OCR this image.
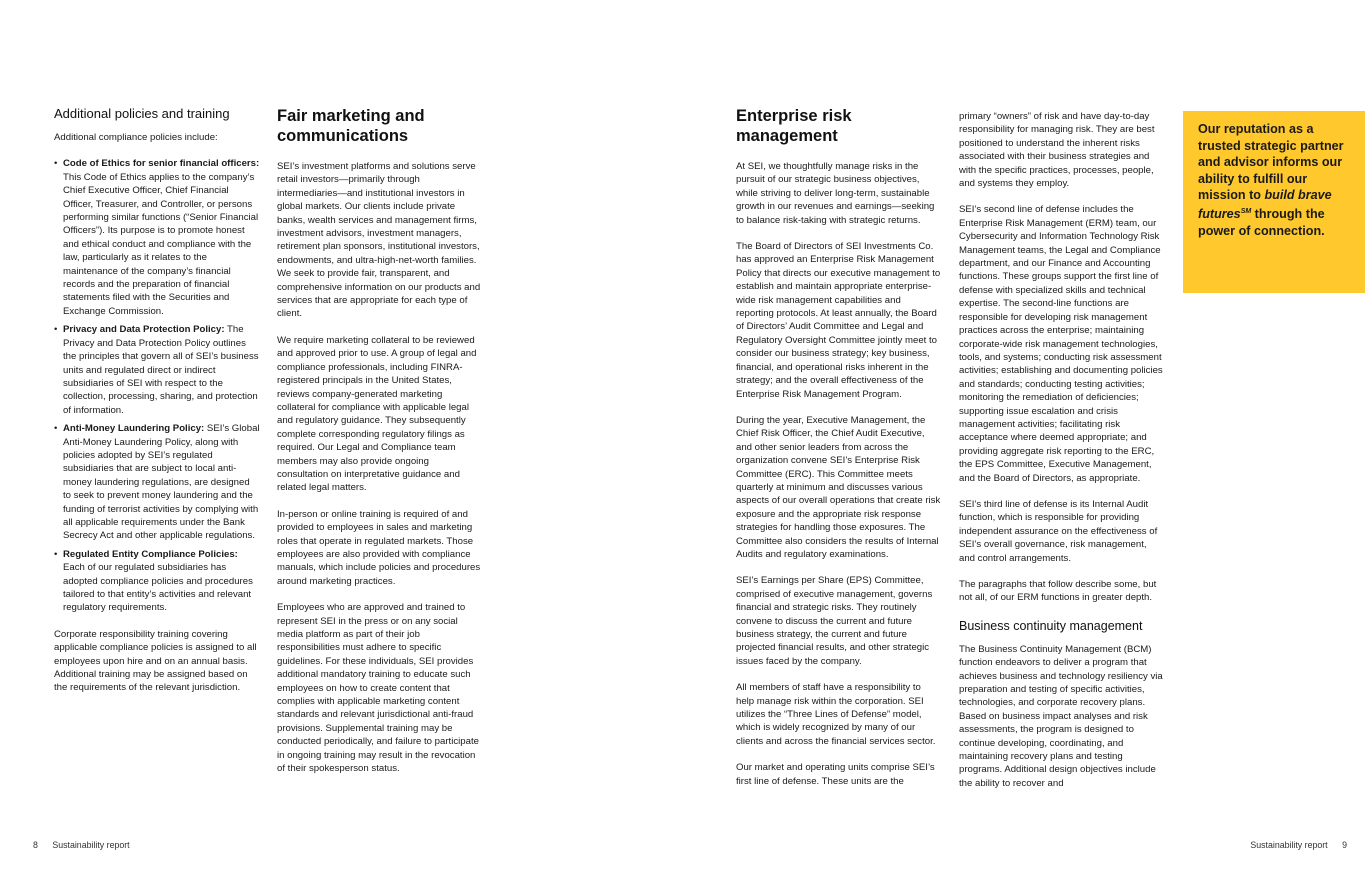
Additional policies and training

Additional compliance policies include:

• Code of Ethics for senior financial officers: This Code of Ethics applies to the company’s Chief Executive Officer, Chief Financial Officer, Treasurer, and Controller, or persons performing similar functions (“Senior Financial Officers”). Its purpose is to promote honest and ethical conduct and compliance with the law, particularly as it relates to the maintenance of the company’s financial records and the preparation of financial statements filed with the Securities and Exchange Commission.
• Privacy and Data Protection Policy: The Privacy and Data Protection Policy outlines the principles that govern all of SEI’s business units and regulated direct or indirect subsidiaries of SEI with respect to the collection, processing, sharing, and protection of information.
• Anti-Money Laundering Policy: SEI’s Global Anti-Money Laundering Policy, along with policies adopted by SEI’s regulated subsidiaries that are subject to local anti-money laundering regulations, are designed to seek to prevent money laundering and the funding of terrorist activities by complying with all applicable requirements under the Bank Secrecy Act and other applicable regulations.
• Regulated Entity Compliance Policies: Each of our regulated subsidiaries has adopted compliance policies and procedures tailored to that entity’s activities and relevant regulatory requirements.

Corporate responsibility training covering applicable compliance policies is assigned to all employees upon hire and on an annual basis. Additional training may be assigned based on the requirements of the relevant jurisdiction.

Fair marketing and communications

SEI’s investment platforms and solutions serve retail investors—primarily through intermediaries—and institutional investors in global markets. Our clients include private banks, wealth services and management firms, investment advisors, investment managers, retirement plan sponsors, institutional investors, endowments, and ultra-high-net-worth families. We seek to provide fair, transparent, and comprehensive information on our products and services that are appropriate for each type of client.

We require marketing collateral to be reviewed and approved prior to use. A group of legal and compliance professionals, including FINRA-registered principals in the United States, reviews company-generated marketing collateral for compliance with applicable legal and regulatory guidance. They subsequently complete corresponding regulatory filings as required. Our Legal and Compliance team members may also provide ongoing consultation on interpretative guidance and related legal matters.

In-person or online training is required of and provided to employees in sales and marketing roles that operate in regulated markets. Those employees are also provided with compliance manuals, which include policies and procedures around marketing practices.

Employees who are approved and trained to represent SEI in the press or on any social media platform as part of their job responsibilities must adhere to specific guidelines. For these individuals, SEI provides additional mandatory training to educate such employees on how to create content that complies with applicable marketing content standards and relevant jurisdictional anti-fraud provisions. Supplemental training may be conducted periodically, and failure to participate in ongoing training may result in the revocation of their spokesperson status.

Enterprise risk management

At SEI, we thoughtfully manage risks in the pursuit of our strategic business objectives, while striving to deliver long-term, sustainable growth in our revenues and earnings—seeking to balance risk-taking with strategic returns.

The Board of Directors of SEI Investments Co. has approved an Enterprise Risk Management Policy that directs our executive management to establish and maintain appropriate enterprise-wide risk management capabilities and reporting protocols. At least annually, the Board of Directors’ Audit Committee and Legal and Regulatory Oversight Committee jointly meet to consider our business strategy; key business, financial, and operational risks inherent in the strategy; and the overall effectiveness of the Enterprise Risk Management Program.

During the year, Executive Management, the Chief Risk Officer, the Chief Audit Executive, and other senior leaders from across the organization convene SEI’s Enterprise Risk Committee (ERC). This Committee meets quarterly at minimum and discusses various aspects of our overall operations that create risk exposure and the appropriate risk response strategies for handling those exposures. The Committee also considers the results of Internal Audits and regulatory examinations.

SEI’s Earnings per Share (EPS) Committee, comprised of executive management, governs financial and strategic risks. They routinely convene to discuss the current and future business strategy, the current and future projected financial results, and other strategic issues faced by the company.

All members of staff have a responsibility to help manage risk within the corporation. SEI utilizes the “Three Lines of Defense” model, which is widely recognized by many of our clients and across the financial services sector.

Our market and operating units comprise SEI’s first line of defense. These units are the

primary “owners” of risk and have day-to-day responsibility for managing risk. They are best positioned to understand the inherent risks associated with their business strategies and with the specific practices, processes, people, and systems they employ.

SEI’s second line of defense includes the Enterprise Risk Management (ERM) team, our Cybersecurity and Information Technology Risk Management teams, the Legal and Compliance department, and our Finance and Accounting functions. These groups support the first line of defense with specialized skills and technical expertise. The second-line functions are responsible for developing risk management practices across the enterprise; maintaining corporate-wide risk management technologies, tools, and systems; conducting risk assessment activities; establishing and documenting policies and standards; conducting testing activities; monitoring the remediation of deficiencies; supporting issue escalation and crisis management activities; facilitating risk acceptance where deemed appropriate; and providing aggregate risk reporting to the ERC, the EPS Committee, Executive Management, and the Board of Directors, as appropriate.

SEI’s third line of defense is its Internal Audit function, which is responsible for providing independent assurance on the effectiveness of SEI’s overall governance, risk management, and control arrangements.

The paragraphs that follow describe some, but not all, of our ERM functions in greater depth.

Business continuity management

The Business Continuity Management (BCM) function endeavors to deliver a program that achieves business and technology resiliency via preparation and testing of specific activities, technologies, and corporate recovery plans. Based on business impact analyses and risk assessments, the program is designed to continue developing, coordinating, and maintaining recovery plans and testing programs. Additional design objectives include the ability to recover and

Our reputation as a trusted strategic partner and advisor informs our ability to fulfill our mission to build brave futures℠ through the power of connection.
8 Sustainability report	Sustainability report 9
